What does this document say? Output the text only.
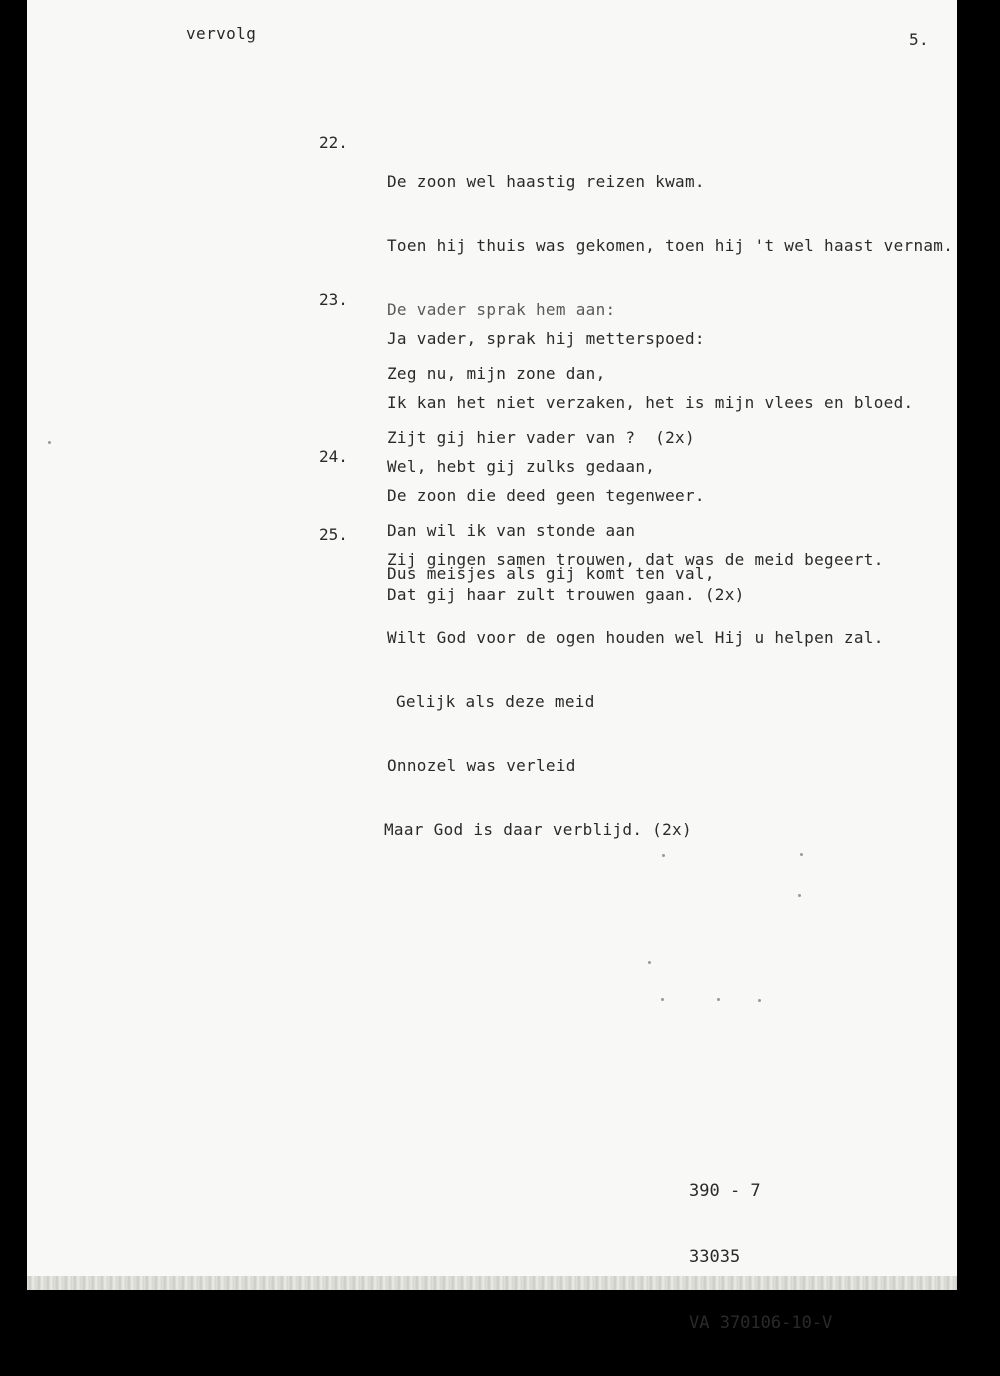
vervolg	5.
22.

De zoon wel haastig reizen kwam.

Toen hij thuis was gekomen, toen hij 't wel haast vernam.

De vader sprak hem aan:

Zeg nu, mijn zone dan,

Zijt gij hier vader van ?  (2x)

23.

Ja vader, sprak hij metterspoed:

Ik kan het niet verzaken, het is mijn vlees en bloed.

Wel, hebt gij zulks gedaan,

Dan wil ik van stonde aan

Dat gij haar zult trouwen gaan. (2x)

24.

De zoon die deed geen tegenweer.

Zij gingen samen trouwen, dat was de meid begeert.

25.

Dus meisjes als gij komt ten val,

Wilt God voor de ogen houden wel Hij u helpen zal.

Gelijk als deze meid

Onnozel was verleid

Maar God is daar verblijd. (2x)

390 - 7

33035

VA 370106-10-V
